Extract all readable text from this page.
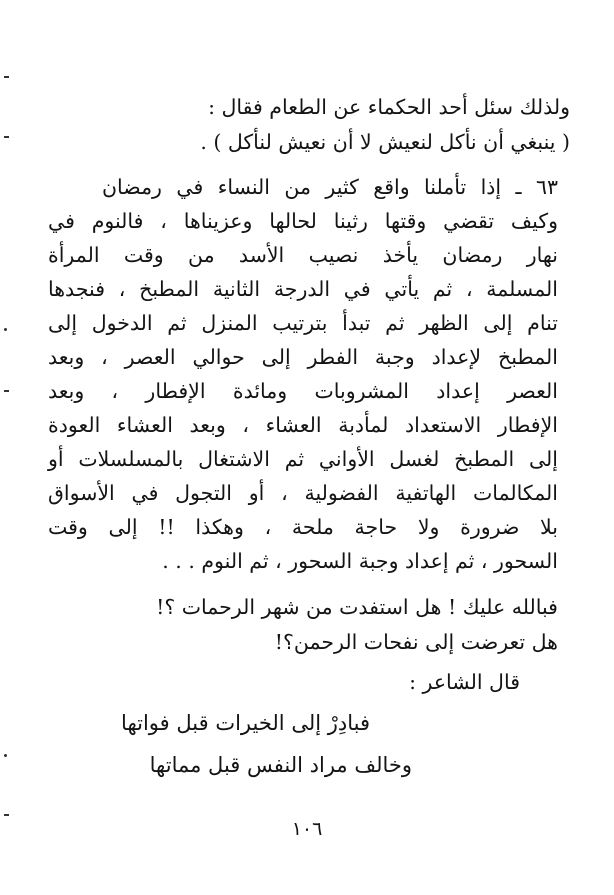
ولذلك سئل أحد الحكماء عن الطعام فقال :
( ينبغي أن نأكل لنعيش لا أن نعيش لنأكل ) .
٦٣ ـ إذا تأملنا واقع كثير من النساء في رمضان
وكيف تقضي وقتها رثينا لحالها وعزيناها ، فالنوم في
نهار رمضان يأخذ نصيب الأسد من وقت المرأة
المسلمة ، ثم يأتي في الدرجة الثانية المطبخ ، فنجدها
تنام إلى الظهر ثم تبدأ بترتيب المنزل ثم الدخول إلى
المطبخ لإعداد وجبة الفطر إلى حوالي العصر ، وبعد
العصر إعداد المشروبات ومائدة الإفطار ، وبعد
الإفطار الاستعداد لمأدبة العشاء ، وبعد العشاء العودة
إلى المطبخ لغسل الأواني ثم الاشتغال بالمسلسلات أو
المكالمات الهاتفية الفضولية ، أو التجول في الأسواق
بلا ضرورة ولا حاجة ملحة ، وهكذا !! إلى وقت
السحور ، ثم إعداد وجبة السحور ، ثم النوم . . .
فبالله عليك ! هل استفدت من شهر الرحمات ؟!
هل تعرضت إلى نفحات الرحمن؟!
قال الشاعر :
فبادِرْ إلى الخيرات قبل فواتها
وخالف مراد النفس قبل مماتها
١٠٦
